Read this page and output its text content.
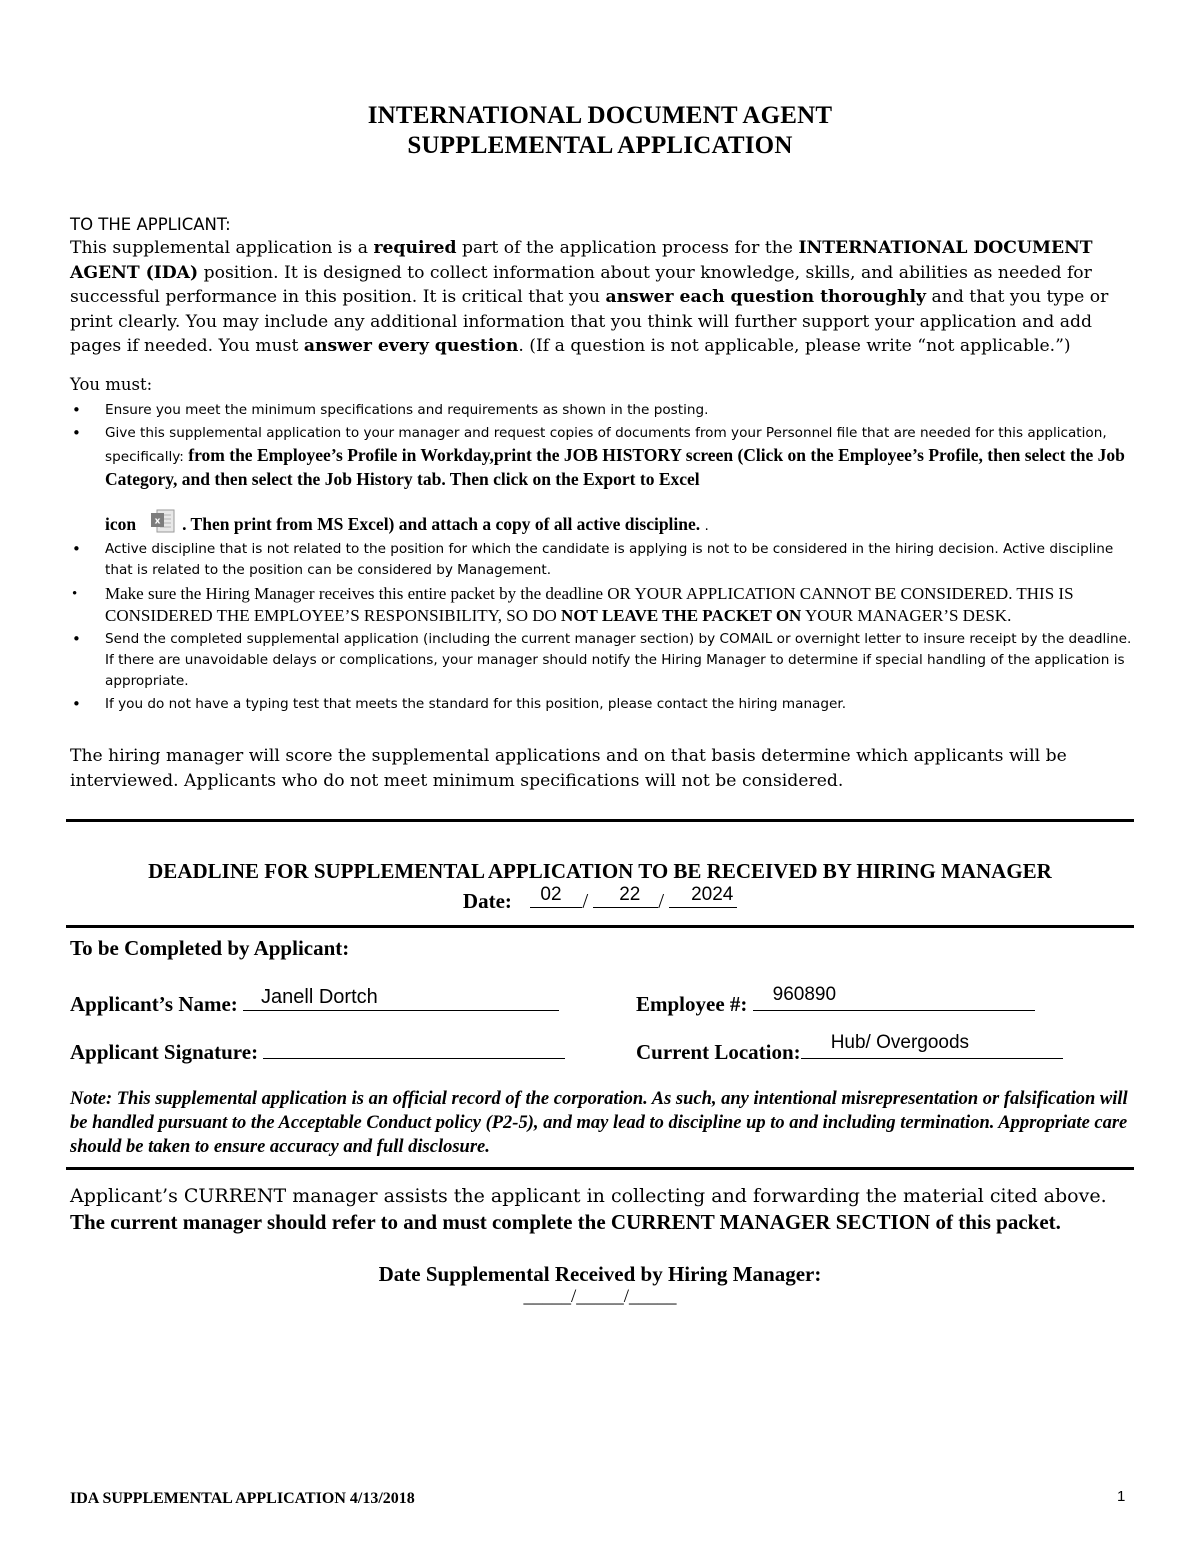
INTERNATIONAL DOCUMENT AGENT
SUPPLEMENTAL APPLICATION
TO THE APPLICANT:
This supplemental application is a required part of the application process for the INTERNATIONAL DOCUMENT AGENT (IDA) position. It is designed to collect information about your knowledge, skills, and abilities as needed for successful performance in this position. It is critical that you answer each question thoroughly and that you type or print clearly. You may include any additional information that you think will further support your application and add pages if needed. You must answer every question. (If a question is not applicable, please write “not applicable.”)
You must:
• Ensure you meet the minimum specifications and requirements as shown in the posting.
• Give this supplemental application to your manager and request copies of documents from your Personnel file that are needed for this application, specifically: from the Employee’s Profile in Workday,print the JOB HISTORY screen (Click on the Employee’s Profile, then select the Job Category, and then select the Job History tab. Then click on the Export to Excel
icon x . Then print from MS Excel) and attach a copy of all active discipline. .
• Active discipline that is not related to the position for which the candidate is applying is not to be considered in the hiring decision. Active discipline that is related to the position can be considered by Management.
• Make sure the Hiring Manager receives this entire packet by the deadline OR YOUR APPLICATION CANNOT BE CONSIDERED. THIS IS CONSIDERED THE EMPLOYEE’S RESPONSIBILITY, SO DO NOT LEAVE THE PACKET ON YOUR MANAGER’S DESK.
• Send the completed supplemental application (including the current manager section) by COMAIL or overnight letter to insure receipt by the deadline. If there are unavoidable delays or complications, your manager should notify the Hiring Manager to determine if special handling of the application is appropriate.
• If you do not have a typing test that meets the standard for this position, please contact the hiring manager.
The hiring manager will score the supplemental applications and on that basis determine which applicants will be interviewed. Applicants who do not meet minimum specifications will not be considered.
DEADLINE FOR SUPPLEMENTAL APPLICATION TO BE RECEIVED BY HIRING MANAGER
Date:	02 /	22 /	2024
To be Completed by Applicant:
Applicant’s Name:	Janell Dortch	Employee #:	960890
Applicant Signature:	Current Location:	Hub/ Overgoods
Note: This supplemental application is an official record of the corporation. As such, any intentional misrepresentation or falsification will be handled pursuant to the Acceptable Conduct policy (P2-5), and may lead to discipline up to and including termination. Appropriate care should be taken to ensure accuracy and full disclosure.
Applicant’s CURRENT manager assists the applicant in collecting and forwarding the material cited above. The current manager should refer to and must complete the CURRENT MANAGER SECTION of this packet.
Date Supplemental Received by Hiring Manager:
_____/_____/_____
IDA SUPPLEMENTAL APPLICATION 4/13/2018	1
